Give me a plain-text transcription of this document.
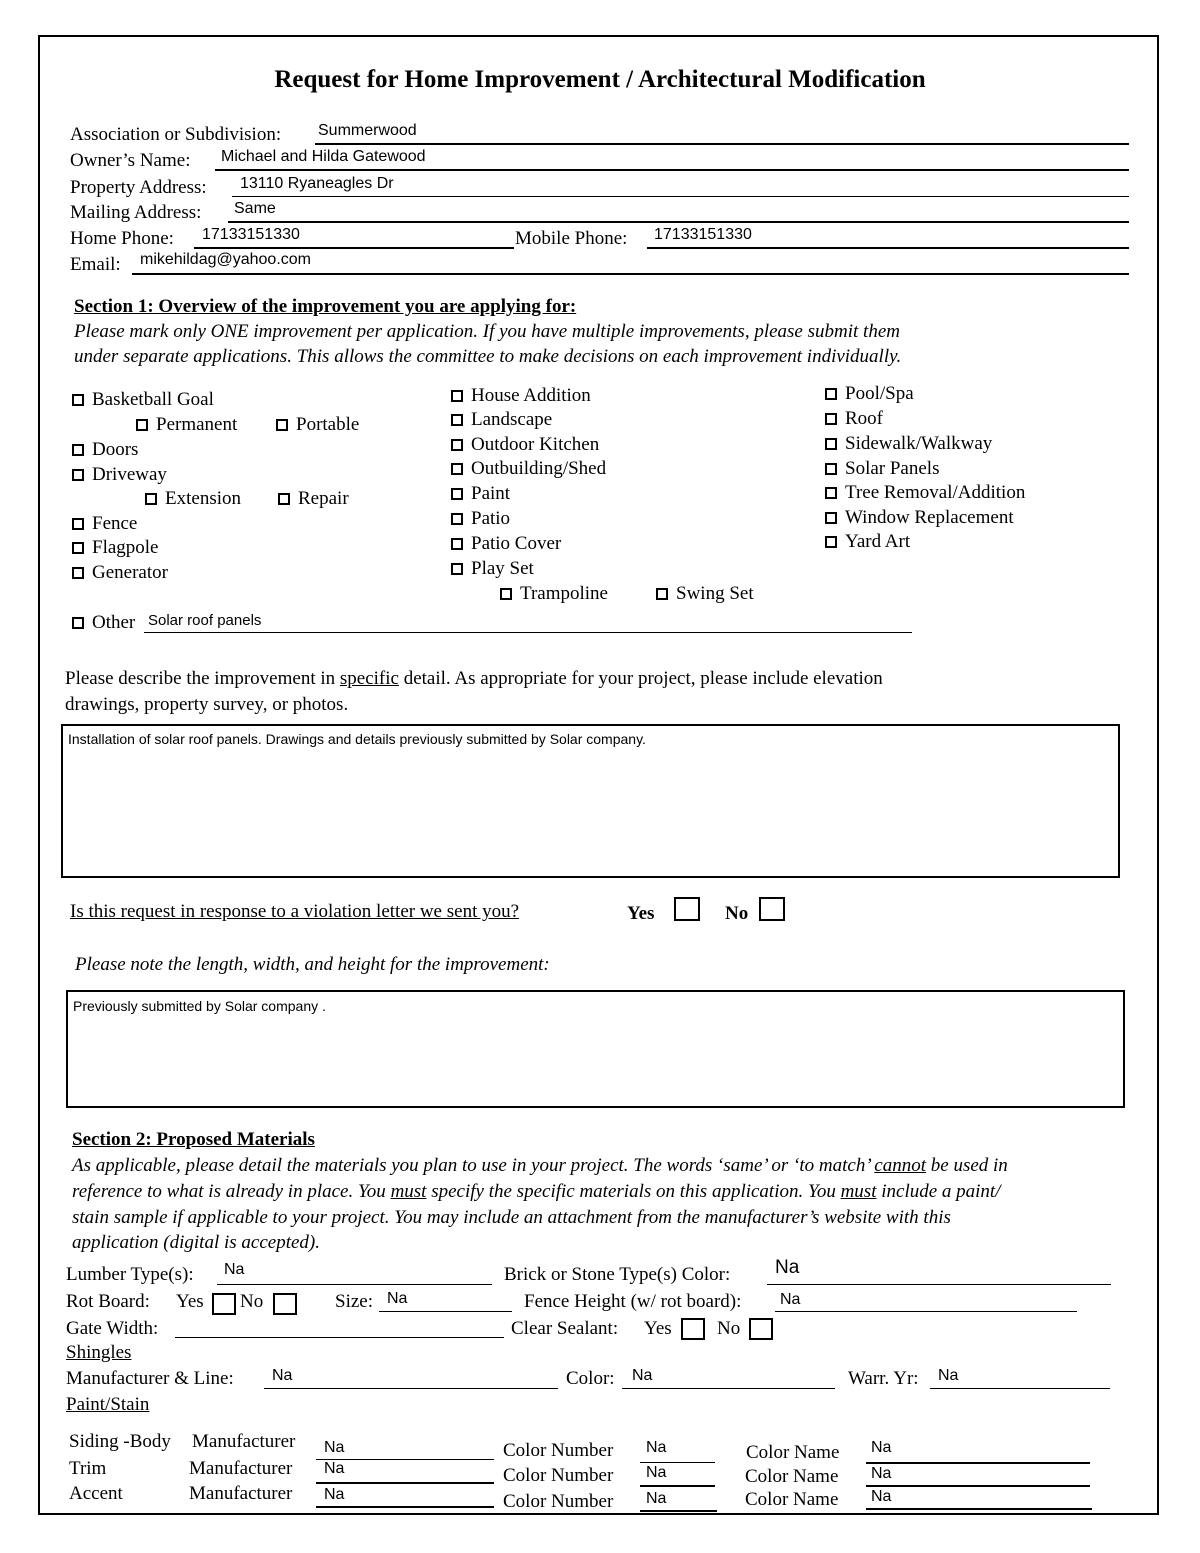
Request for Home Improvement / Architectural Modification
Association or Subdivision: Summerwood
Owner’s Name: Michael and Hilda Gatewood
Property Address: 13110 Ryaneagles Dr
Mailing Address: Same
Home Phone: 17133151330	Mobile Phone: 17133151330
Email: mikehildag@yahoo.com
Section 1: Overview of the improvement you are applying for:
Please mark only ONE improvement per application. If you have multiple improvements, please submit them
under separate applications. This allows the committee to make decisions on each improvement individually.
Basketball Goal
Permanent	Portable
Doors
Driveway
Extension	Repair
Fence
Flagpole
Generator
House Addition
Landscape
Outdoor Kitchen
Outbuilding/Shed
Paint
Patio
Patio Cover
Play Set
Trampoline	Swing Set
Pool/Spa
Roof
Sidewalk/Walkway
Solar Panels
Tree Removal/Addition
Window Replacement
Yard Art
Other Solar roof panels
Please describe the improvement in specific detail. As appropriate for your project, please include elevation
drawings, property survey, or photos.
Installation of solar roof panels. Drawings and details previously submitted by Solar company.
Is this request in response to a violation letter we sent you?	Yes	No
Please note the length, width, and height for the improvement:
Previously submitted by Solar company .
Section 2: Proposed Materials
As applicable, please detail the materials you plan to use in your project. The words ‘same’ or ‘to match’ cannot be used in
reference to what is already in place. You must specify the specific materials on this application. You must include a paint/
stain sample if applicable to your project. You may include an attachment from the manufacturer’s website with this
application (digital is accepted).
Lumber Type(s): Na	Brick or Stone Type(s) Color: Na
Rot Board: Yes No	Size: Na	Fence Height (w/ rot board): Na
Gate Width:	Clear Sealant: Yes No
Shingles
Manufacturer & Line: Na	Color: Na	Warr. Yr: Na
Paint/Stain
Siding -Body Manufacturer Na	Color Number Na	Color Name Na
Trim	Manufacturer Na	Color Number Na	Color Name Na
Accent	Manufacturer Na	Color Number Na	Color Name Na
